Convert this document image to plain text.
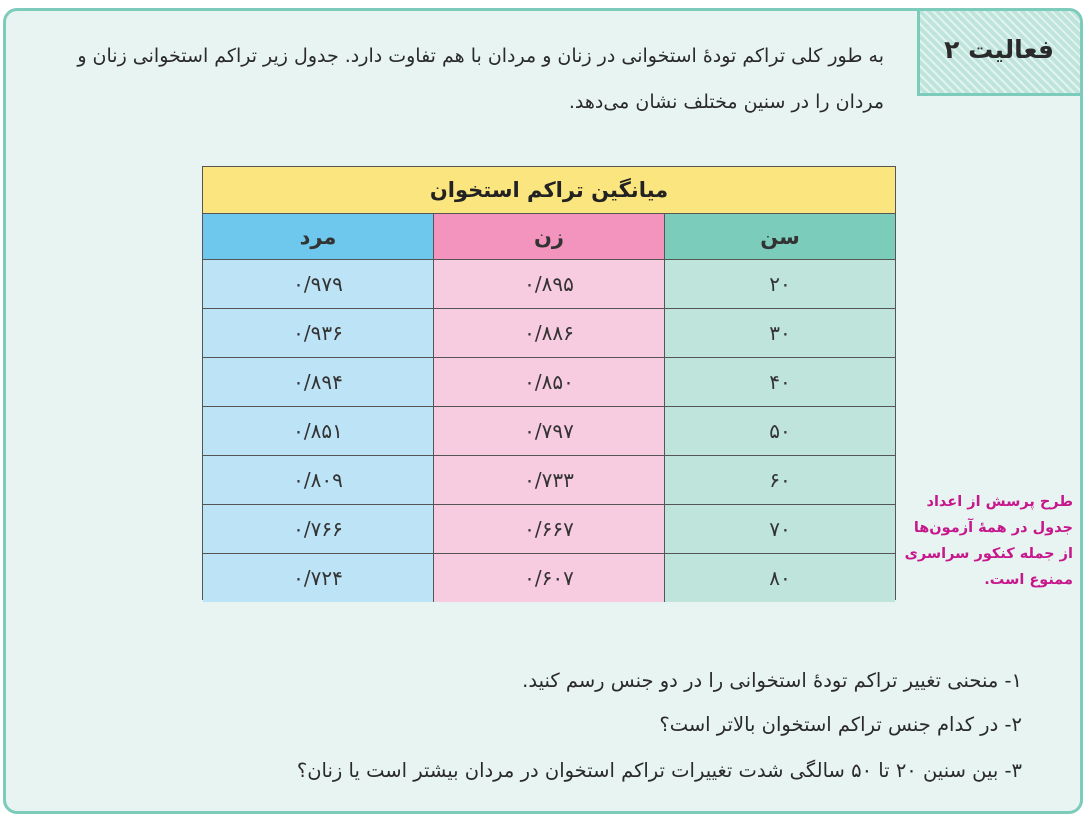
فعالیت ۲
به طور کلی تراکم تودهٔ استخوانی در زنان و مردان با هم تفاوت دارد. جدول زیر تراکم استخوانی زنان و
مردان را در سنین مختلف نشان می‌دهد.
میانگین تراکم استخوان
سن
زن
مرد
۲۰
۰/۸۹۵
۰/۹۷۹
۳۰
۰/۸۸۶
۰/۹۳۶
۴۰
۰/۸۵۰
۰/۸۹۴
۵۰
۰/۷۹۷
۰/۸۵۱
۶۰
۰/۷۳۳
۰/۸۰۹
۷۰
۰/۶۶۷
۰/۷۶۶
۸۰
۰/۶۰۷
۰/۷۲۴
طرح پرسش از اعداد
جدول در همهٔ آزمون‌ها
از جمله کنکور سراسری
ممنوع است.
۱- منحنی تغییر تراکم تودهٔ استخوانی را در دو جنس رسم کنید.
۲- در کدام جنس تراکم استخوان بالاتر است؟
۳- بین سنین ۲۰ تا ۵۰ سالگی شدت تغییرات تراکم استخوان در مردان بیشتر است یا زنان؟
